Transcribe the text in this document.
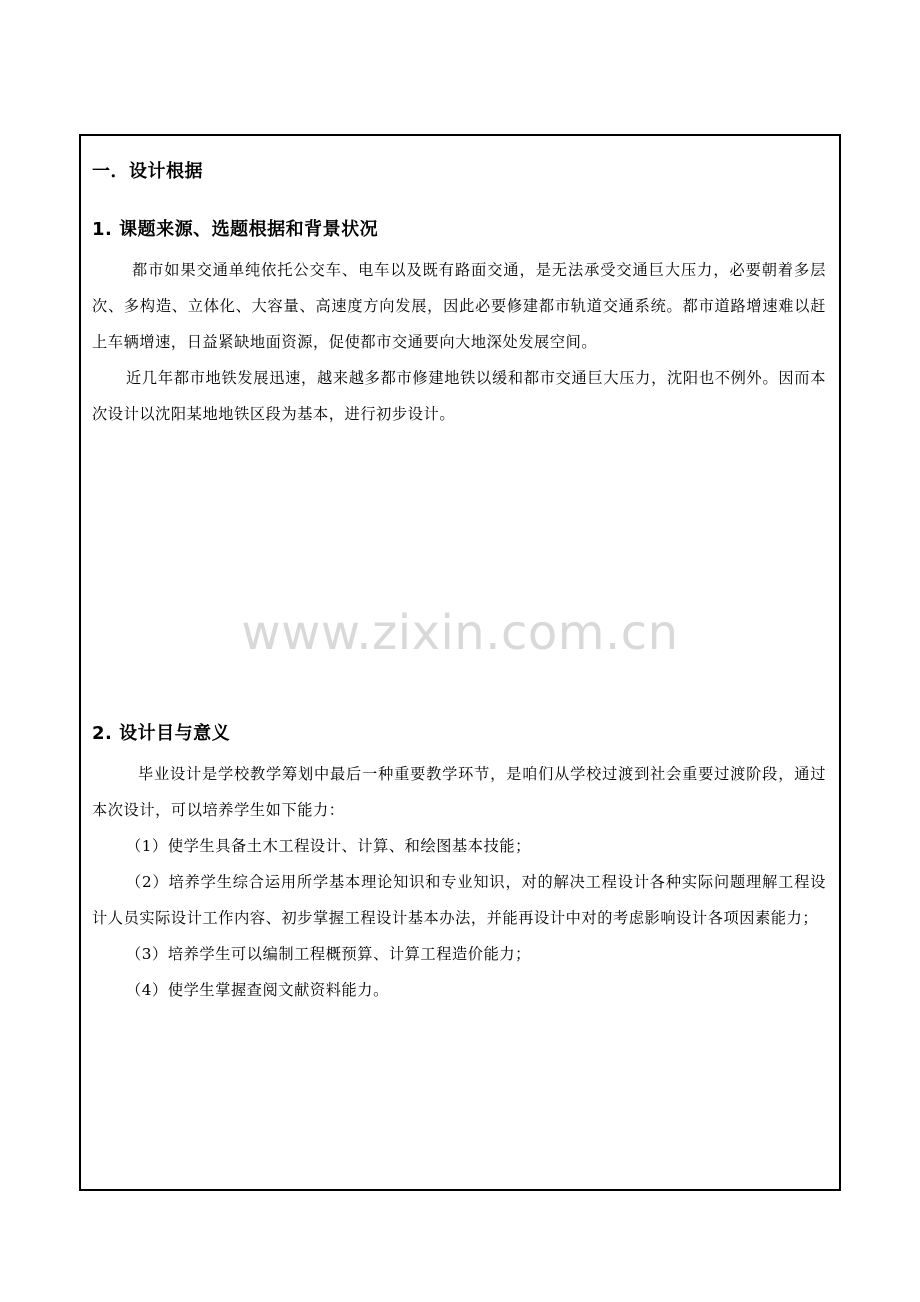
一．设计根据
1. 课题来源、选题根据和背景状况

都市如果交通单纯依托公交车、电车以及既有路面交通，是无法承受交通巨大压力，必要朝着多层次、多构造、立体化、大容量、高速度方向发展，因此必要修建都市轨道交通系统。都市道路增速难以赶上车辆增速，日益紧缺地面资源，促使都市交通要向大地深处发展空间。

近几年都市地铁发展迅速，越来越多都市修建地铁以缓和都市交通巨大压力，沈阳也不例外。因而本次设计以沈阳某地地铁区段为基本，进行初步设计。

2. 设计目与意义

毕业设计是学校教学筹划中最后一种重要教学环节，是咱们从学校过渡到社会重要过渡阶段，通过本次设计，可以培养学生如下能力：

（1）使学生具备土木工程设计、计算、和绘图基本技能；

（2）培养学生综合运用所学基本理论知识和专业知识，对的解决工程设计各种实际问题理解工程设计人员实际设计工作内容、初步掌握工程设计基本办法，并能再设计中对的考虑影响设计各项因素能力；

（3）培养学生可以编制工程概预算、计算工程造价能力；

（4）使学生掌握查阅文献资料能力。

www.zixin.com.cn
